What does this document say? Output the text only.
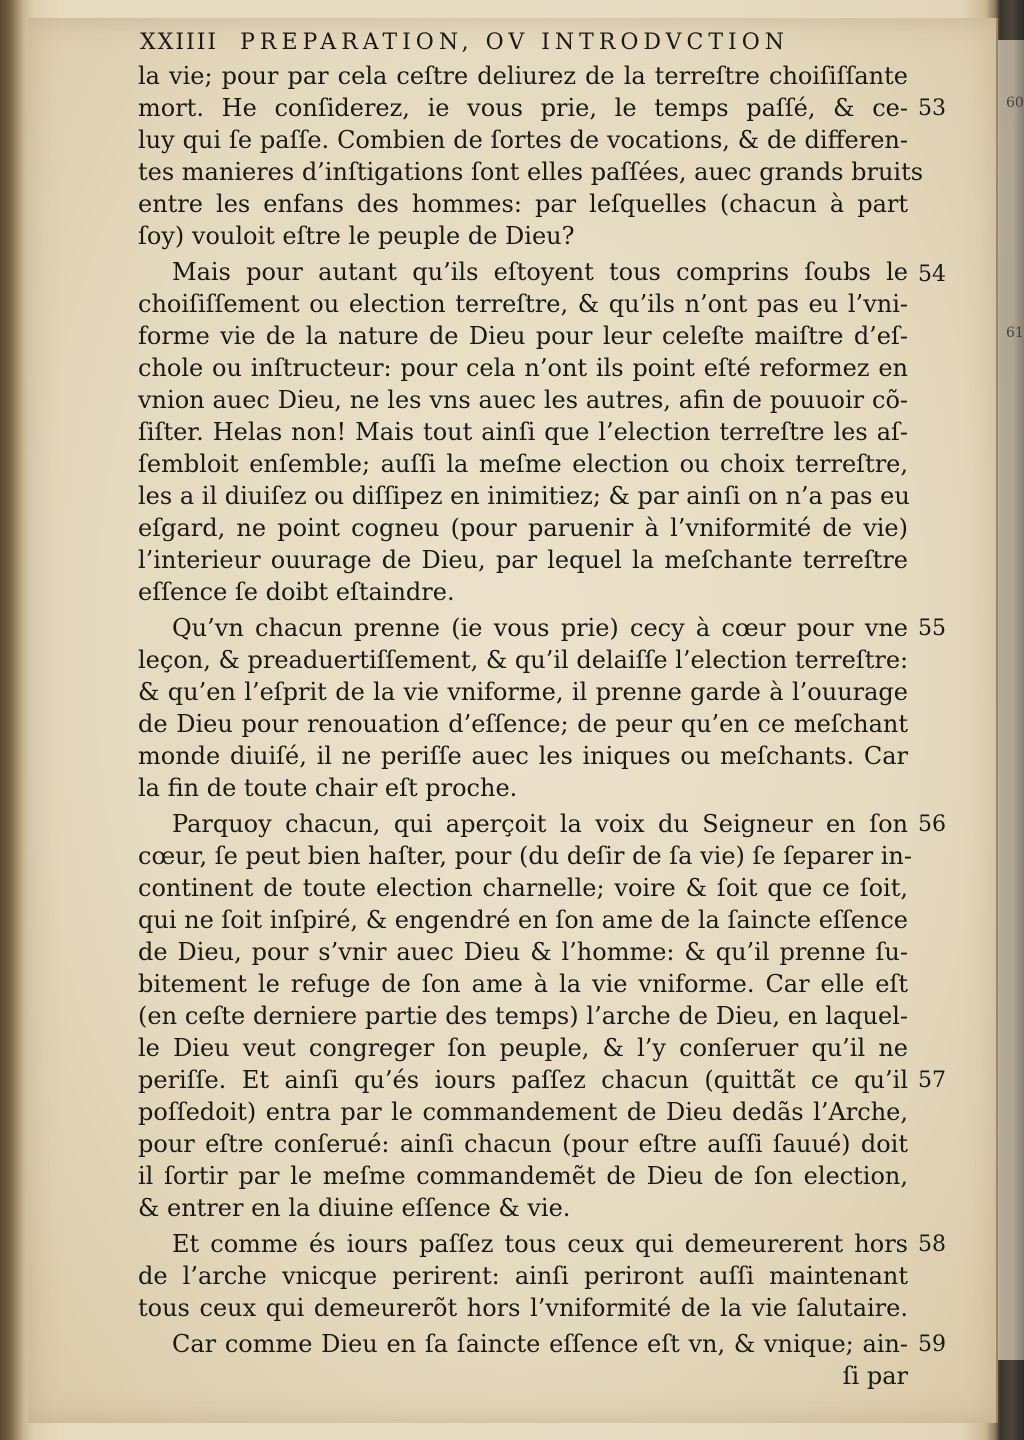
60
61
XXIIII PREPARATION, OV INTRODVCTION
la vie; pour par cela ceſtre deliurez de la terreſtre choiſiſſante
mort. He conſiderez, ie vous prie, le temps paſſé, & ce-
luy qui ſe paſſe. Combien de ſortes de vocations, & de differen-
tes manieres d’inſtigations ſont elles paſſées, auec grands bruits
entre les enfans des hommes: par leſquelles (chacun à part
ſoy) vouloit eſtre le peuple de Dieu?
Mais pour autant qu’ils eſtoyent tous comprins ſoubs le
choiſiſſement ou election terreſtre, & qu’ils n’ont pas eu l’vni-
forme vie de la nature de Dieu pour leur celeſte maiſtre d’eſ-
chole ou inſtructeur: pour cela n’ont ils point eſté reformez en
vnion auec Dieu, ne les vns auec les autres, afin de pouuoir cõ-
ſiſter. Helas non! Mais tout ainſi que l’election terreſtre les aſ-
ſembloit enſemble; auſſi la meſme election ou choix terreſtre,
les a il diuiſez ou diſſipez en inimitiez; & par ainſi on n’a pas eu
eſgard, ne point cogneu (pour paruenir à l’vniformité de vie)
l’interieur ouurage de Dieu, par lequel la meſchante terreſtre
eſſence ſe doibt eſtaindre.
Qu’vn chacun prenne (ie vous prie) cecy à cœur pour vne
leçon, & preaduertiſſement, & qu’il delaiſſe l’election terreſtre:
& qu’en l’eſprit de la vie vniforme, il prenne garde à l’ouurage
de Dieu pour renouation d’eſſence; de peur qu’en ce meſchant
monde diuiſé, il ne periſſe auec les iniques ou meſchants. Car
la fin de toute chair eſt proche.
Parquoy chacun, qui aperçoit la voix du Seigneur en ſon
cœur, ſe peut bien haſter, pour (du deſir de ſa vie) ſe ſeparer in-
continent de toute election charnelle; voire & ſoit que ce ſoit,
qui ne ſoit inſpiré, & engendré en ſon ame de la ſaincte eſſence
de Dieu, pour s’vnir auec Dieu & l’homme: & qu’il prenne ſu-
bitement le refuge de ſon ame à la vie vniforme. Car elle eſt
(en ceſte derniere partie des temps) l’arche de Dieu, en laquel-
le Dieu veut congreger ſon peuple, & l’y conſeruer qu’il ne
periſſe. Et ainſi qu’és iours paſſez chacun (quittãt ce qu’il
poſſedoit) entra par le commandement de Dieu dedãs l’Arche,
pour eſtre conſerué: ainſi chacun (pour eſtre auſſi ſauué) doit
il ſortir par le meſme commandemẽt de Dieu de ſon election,
& entrer en la diuine eſſence & vie.
Et comme és iours paſſez tous ceux qui demeurerent hors
de l’arche vnicque perirent: ainſi periront auſſi maintenant
tous ceux qui demeurerõt hors l’vniformité de la vie ſalutaire.
Car comme Dieu en ſa ſaincte eſſence eſt vn, & vnique; ain-
ſi par
53
54
55
56
57
58
59
